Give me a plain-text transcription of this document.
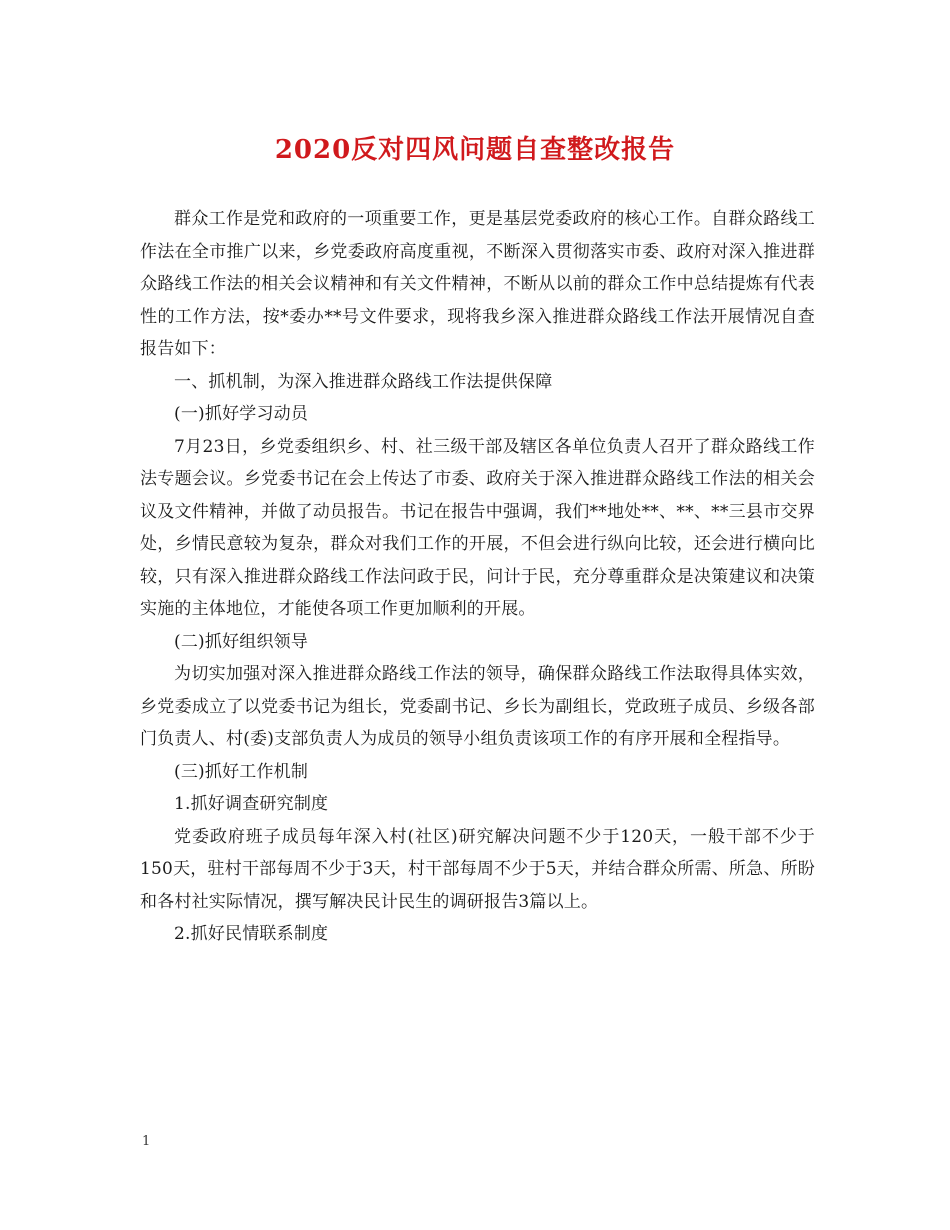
2020反对四风问题自查整改报告

群众工作是党和政府的一项重要工作，更是基层党委政府的核心工作。自群众路线工作法在全市推广以来，乡党委政府高度重视，不断深入贯彻落实市委、政府对深入推进群众路线工作法的相关会议精神和有关文件精神，不断从以前的群众工作中总结提炼有代表性的工作方法，按*委办**号文件要求，现将我乡深入推进群众路线工作法开展情况自查报告如下：

一、抓机制，为深入推进群众路线工作法提供保障

(一)抓好学习动员

7月23日，乡党委组织乡、村、社三级干部及辖区各单位负责人召开了群众路线工作法专题会议。乡党委书记在会上传达了市委、政府关于深入推进群众路线工作法的相关会议及文件精神，并做了动员报告。书记在报告中强调，我们**地处**、**、**三县市交界处，乡情民意较为复杂，群众对我们工作的开展，不但会进行纵向比较，还会进行横向比较，只有深入推进群众路线工作法问政于民，问计于民，充分尊重群众是决策建议和决策实施的主体地位，才能使各项工作更加顺利的开展。

(二)抓好组织领导

为切实加强对深入推进群众路线工作法的领导，确保群众路线工作法取得具体实效，乡党委成立了以党委书记为组长，党委副书记、乡长为副组长，党政班子成员、乡级各部门负责人、村(委)支部负责人为成员的领导小组负责该项工作的有序开展和全程指导。

(三)抓好工作机制

1.抓好调查研究制度

党委政府班子成员每年深入村(社区)研究解决问题不少于120天，一般干部不少于150天，驻村干部每周不少于3天，村干部每周不少于5天，并结合群众所需、所急、所盼和各村社实际情况，撰写解决民计民生的调研报告3篇以上。

2.抓好民情联系制度

1
